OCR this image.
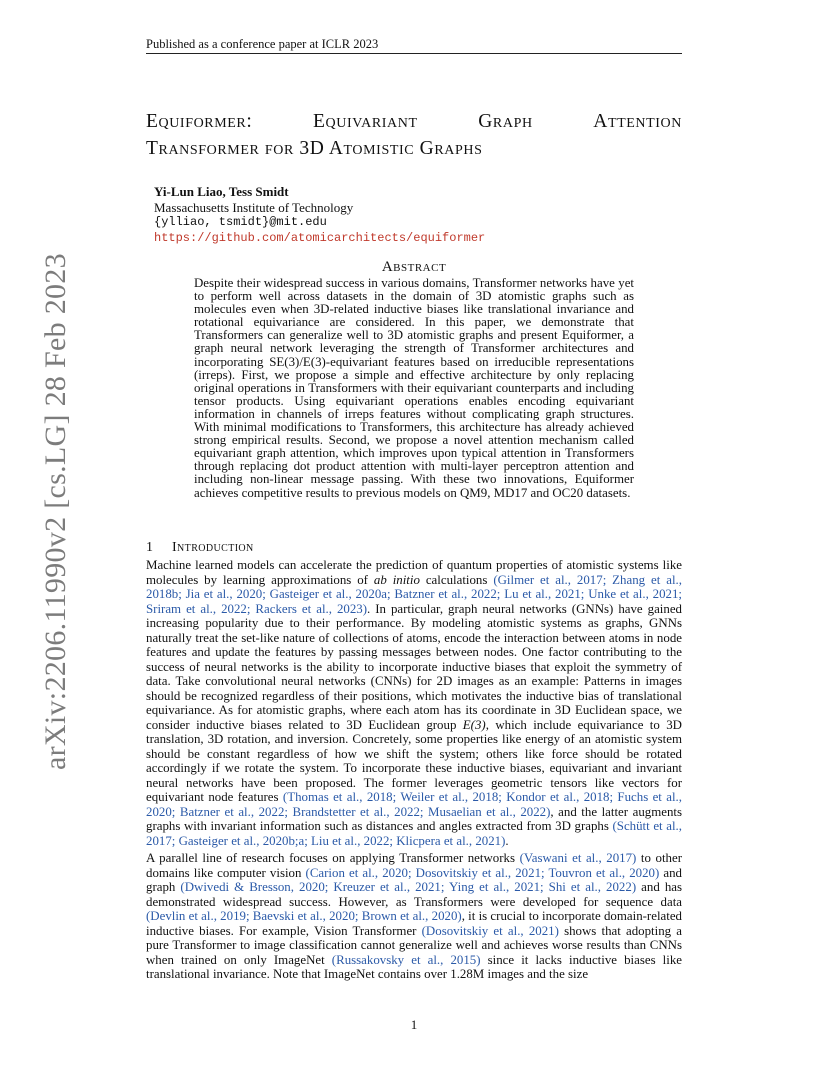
Published as a conference paper at ICLR 2023
arXiv:2206.11990v2 [cs.LG] 28 Feb 2023
Equiformer:	Equivariant	Graph	Attention
Transformer for 3D Atomistic Graphs
Yi-Lun Liao, Tess Smidt
Massachusetts Institute of Technology
{ylliao, tsmidt}@mit.edu
https://github.com/atomicarchitects/equiformer
Abstract
Despite their widespread success in various domains, Transformer networks have yet to perform well across datasets in the domain of 3D atomistic graphs such as molecules even when 3D-related inductive biases like translational invariance and rotational equivariance are considered. In this paper, we demonstrate that Transformers can generalize well to 3D atomistic graphs and present Equiformer, a graph neural network leveraging the strength of Transformer architectures and incorporating SE(3)/E(3)-equivariant features based on irreducible representations (irreps). First, we propose a simple and effective architecture by only replacing original operations in Transformers with their equivariant counterparts and including tensor products. Using equivariant operations enables encoding equivariant information in channels of irreps features without complicating graph structures. With minimal modifications to Transformers, this architecture has already achieved strong empirical results. Second, we propose a novel attention mechanism called equivariant graph attention, which improves upon typical attention in Transformers through replacing dot product attention with multi-layer perceptron attention and including non-linear message passing. With these two innovations, Equiformer achieves competitive results to previous models on QM9, MD17 and OC20 datasets.
1 Introduction

Machine learned models can accelerate the prediction of quantum properties of atomistic systems like molecules by learning approximations of ab initio calculations (Gilmer et al., 2017; Zhang et al., 2018b; Jia et al., 2020; Gasteiger et al., 2020a; Batzner et al., 2022; Lu et al., 2021; Unke et al., 2021; Sriram et al., 2022; Rackers et al., 2023). In particular, graph neural networks (GNNs) have gained increasing popularity due to their performance. By modeling atomistic systems as graphs, GNNs naturally treat the set-like nature of collections of atoms, encode the interaction between atoms in node features and update the features by passing messages between nodes. One factor contributing to the success of neural networks is the ability to incorporate inductive biases that exploit the symmetry of data. Take convolutional neural networks (CNNs) for 2D images as an example: Patterns in images should be recognized regardless of their positions, which motivates the inductive bias of translational equivariance. As for atomistic graphs, where each atom has its coordinate in 3D Euclidean space, we consider inductive biases related to 3D Euclidean group E(3), which include equivariance to 3D translation, 3D rotation, and inversion. Concretely, some properties like energy of an atomistic system should be constant regardless of how we shift the system; others like force should be rotated accordingly if we rotate the system. To incorporate these inductive biases, equivariant and invariant neural networks have been proposed. The former leverages geometric tensors like vectors for equivariant node features (Thomas et al., 2018; Weiler et al., 2018; Kondor et al., 2018; Fuchs et al., 2020; Batzner et al., 2022; Brandstetter et al., 2022; Musaelian et al., 2022), and the latter augments graphs with invariant information such as distances and angles extracted from 3D graphs (Schütt et al., 2017; Gasteiger et al., 2020b;a; Liu et al., 2022; Klicpera et al., 2021).

A parallel line of research focuses on applying Transformer networks (Vaswani et al., 2017) to other domains like computer vision (Carion et al., 2020; Dosovitskiy et al., 2021; Touvron et al., 2020) and graph (Dwivedi & Bresson, 2020; Kreuzer et al., 2021; Ying et al., 2021; Shi et al., 2022) and has demonstrated widespread success. However, as Transformers were developed for sequence data (Devlin et al., 2019; Baevski et al., 2020; Brown et al., 2020), it is crucial to incorporate domain-related inductive biases. For example, Vision Transformer (Dosovitskiy et al., 2021) shows that adopting a pure Transformer to image classification cannot generalize well and achieves worse results than CNNs when trained on only ImageNet (Russakovsky et al., 2015) since it lacks inductive biases like translational invariance. Note that ImageNet contains over 1.28M images and the size

1
